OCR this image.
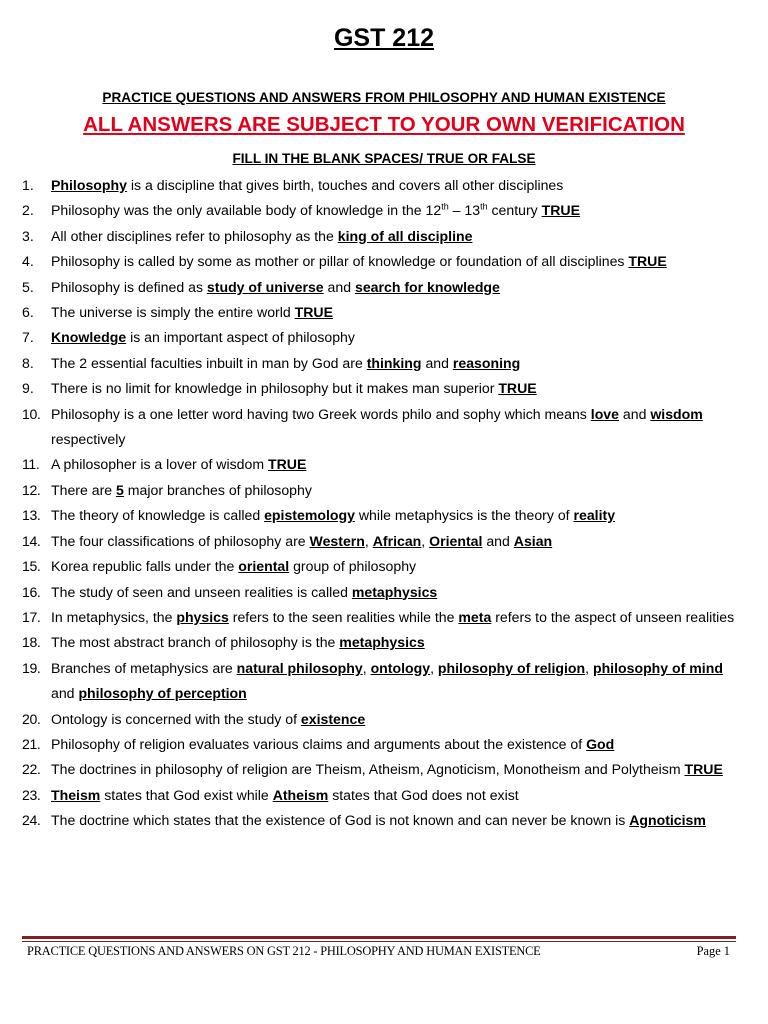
GST 212
PRACTICE QUESTIONS AND ANSWERS FROM PHILOSOPHY AND HUMAN EXISTENCE
ALL ANSWERS ARE SUBJECT TO YOUR OWN VERIFICATION
FILL IN THE BLANK SPACES/ TRUE OR FALSE
1. Philosophy is a discipline that gives birth, touches and covers all other disciplines
2. Philosophy was the only available body of knowledge in the 12th – 13th century TRUE
3. All other disciplines refer to philosophy as the king of all discipline
4. Philosophy is called by some as mother or pillar of knowledge or foundation of all disciplines TRUE
5. Philosophy is defined as study of universe and search for knowledge
6. The universe is simply the entire world TRUE
7. Knowledge is an important aspect of philosophy
8. The 2 essential faculties inbuilt in man by God are thinking and reasoning
9. There is no limit for knowledge in philosophy but it makes man superior TRUE
10. Philosophy is a one letter word having two Greek words philo and sophy which means love and wisdom respectively
11. A philosopher is a lover of wisdom TRUE
12. There are 5 major branches of philosophy
13. The theory of knowledge is called epistemology while metaphysics is the theory of reality
14. The four classifications of philosophy are Western, African, Oriental and Asian
15. Korea republic falls under the oriental group of philosophy
16. The study of seen and unseen realities is called metaphysics
17. In metaphysics, the physics refers to the seen realities while the meta refers to the aspect of unseen realities
18. The most abstract branch of philosophy is the metaphysics
19. Branches of metaphysics are natural philosophy, ontology, philosophy of religion, philosophy of mind and philosophy of perception
20. Ontology is concerned with the study of existence
21. Philosophy of religion evaluates various claims and arguments about the existence of God
22. The doctrines in philosophy of religion are Theism, Atheism, Agnoticism, Monotheism and Polytheism TRUE
23. Theism states that God exist while Atheism states that God does not exist
24. The doctrine which states that the existence of God is not known and can never be known is Agnoticism
PRACTICE QUESTIONS AND ANSWERS ON GST 212 - PHILOSOPHY AND HUMAN EXISTENCE	Page 1
